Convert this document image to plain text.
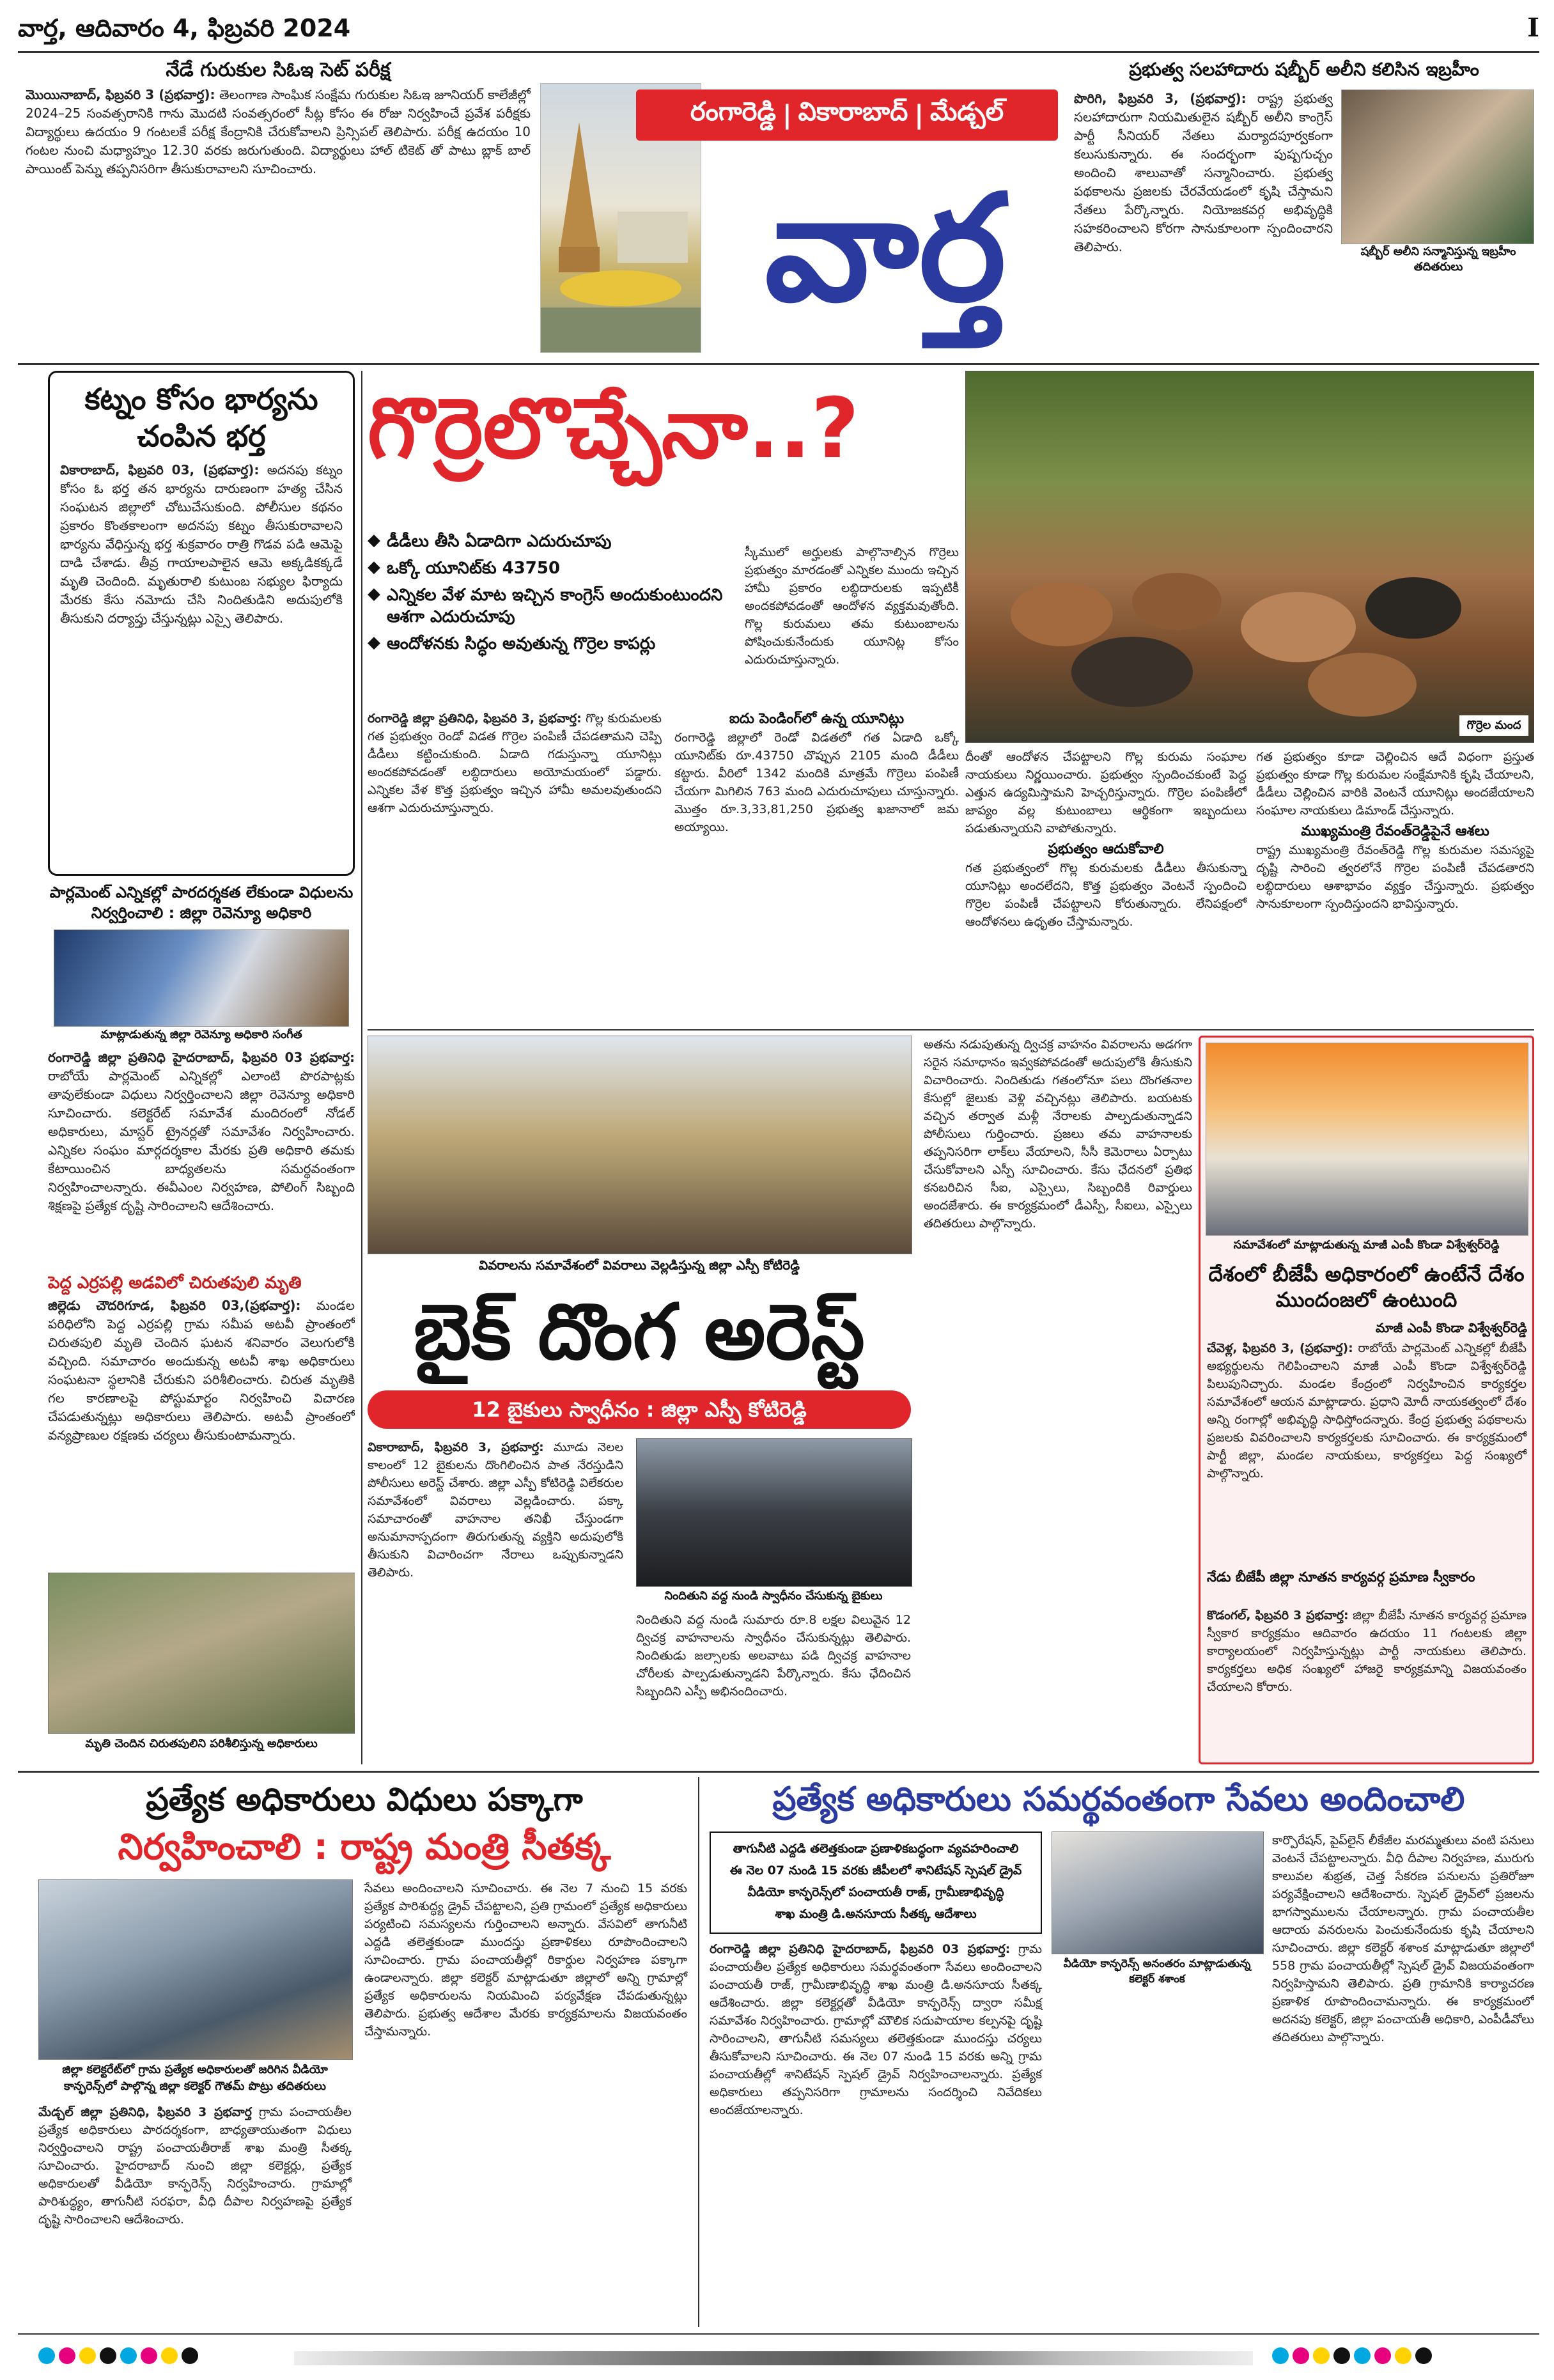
వార్త, ఆదివారం 4, ఫిబ్రవరి 2024	I
నేడే గురుకుల సిఓఇ సెట్ పరీక్ష
మొయినాబాద్, ఫిబ్రవరి 3 (ప్రభవార్త): తెలంగాణ సాంఘిక సంక్షేమ గురుకుల సిఓఇ జూనియర్ కాలేజీల్లో 2024–25 సంవత్సరానికి గాను మొదటి సంవత్సరంలో సీట్ల కోసం ఈ రోజు నిర్వహించే ప్రవేశ పరీక్షకు విద్యార్థులు ఉదయం 9 గంటలకే పరీక్ష కేంద్రానికి చేరుకోవాలని ప్రిన్సిపల్ తెలిపారు. పరీక్ష ఉదయం 10 గంటల నుంచి మధ్యాహ్నం 12.30 వరకు జరుగుతుంది. విద్యార్థులు హాల్ టికెట్ తో పాటు బ్లాక్ బాల్ పాయింట్ పెన్ను తప్పనిసరిగా తీసుకురావాలని సూచించారు.
రంగారెడ్డి | వికారాబాద్ | మేడ్చల్
వార్త
ప్రభుత్వ సలహాదారు షబ్బీర్ అలీని కలిసిన ఇబ్రహీం
షబ్బీర్ అలీని సన్మానిస్తున్న ఇబ్రహీం తదితరులు
పొరిగి, ఫిబ్రవరి 3, (ప్రభవార్త): రాష్ట్ర ప్రభుత్వ సలహాదారుగా నియమితులైన షబ్బీర్ అలీని కాంగ్రెస్ పార్టీ సీనియర్ నేతలు మర్యాదపూర్వకంగా కలుసుకున్నారు. ఈ సందర్భంగా పుష్పగుచ్చం అందించి శాలువాతో సన్మానించారు. ప్రభుత్వ పథకాలను ప్రజలకు చేరవేయడంలో కృషి చేస్తామని నేతలు పేర్కొన్నారు. నియోజకవర్గ అభివృద్ధికి సహకరించాలని కోరగా సానుకూలంగా స్పందించారని తెలిపారు.
కట్నం కోసం భార్యను చంపిన భర్త
వికారాబాద్, ఫిబ్రవరి 03, (ప్రభవార్త): అదనపు కట్నం కోసం ఓ భర్త తన భార్యను దారుణంగా హత్య చేసిన సంఘటన జిల్లాలో చోటుచేసుకుంది. పోలీసుల కథనం ప్రకారం కొంతకాలంగా అదనపు కట్నం తీసుకురావాలని భార్యను వేధిస్తున్న భర్త శుక్రవారం రాత్రి గొడవ పడి ఆమెపై దాడి చేశాడు. తీవ్ర గాయాలపాలైన ఆమె అక్కడికక్కడే మృతి చెందింది. మృతురాలి కుటుంబ సభ్యుల ఫిర్యాదు మేరకు కేసు నమోదు చేసి నిందితుడిని అదుపులోకి తీసుకుని దర్యాప్తు చేస్తున్నట్లు ఎస్సై తెలిపారు.
పార్లమెంట్ ఎన్నికల్లో పారదర్శకత లేకుండా విధులను నిర్వర్తించాలి : జిల్లా రెవెన్యూ అధికారి
మాట్లాడుతున్న జిల్లా రెవెన్యూ అధికారి సంగీత
రంగారెడ్డి జిల్లా ప్రతినిధి హైదరాబాద్, ఫిబ్రవరి 03 ప్రభవార్త: రాబోయే పార్లమెంట్ ఎన్నికల్లో ఎలాంటి పొరపాట్లకు తావులేకుండా విధులు నిర్వర్తించాలని జిల్లా రెవెన్యూ అధికారి సూచించారు. కలెక్టరేట్ సమావేశ మందిరంలో నోడల్ అధికారులు, మాస్టర్ ట్రైనర్లతో సమావేశం నిర్వహించారు. ఎన్నికల సంఘం మార్గదర్శకాల మేరకు ప్రతి అధికారి తమకు కేటాయించిన బాధ్యతలను సమర్థవంతంగా నిర్వహించాలన్నారు. ఈవీఎంల నిర్వహణ, పోలింగ్ సిబ్బంది శిక్షణపై ప్రత్యేక దృష్టి సారించాలని ఆదేశించారు.
పెద్ద ఎర్రపల్లి అడవిలో చిరుతపులి మృతి
జిల్లెడు చౌదరిగూడ, ఫిబ్రవరి 03,(ప్రభవార్త): మండల పరిధిలోని పెద్ద ఎర్రపల్లి గ్రామ సమీప అటవీ ప్రాంతంలో చిరుతపులి మృతి చెందిన ఘటన శనివారం వెలుగులోకి వచ్చింది. సమాచారం అందుకున్న అటవీ శాఖ అధికారులు సంఘటనా స్థలానికి చేరుకుని పరిశీలించారు. చిరుత మృతికి గల కారణాలపై పోస్టుమార్టం నిర్వహించి విచారణ చేపడుతున్నట్లు అధికారులు తెలిపారు. అటవీ ప్రాంతంలో వన్యప్రాణుల రక్షణకు చర్యలు తీసుకుంటామన్నారు.
మృతి చెందిన చిరుతపులిని పరిశీలిస్తున్న అధికారులు
గొర్రెలొచ్చేనా..?
◆ డీడీలు తీసి ఏడాదిగా ఎదురుచూపు
◆ ఒక్కో యూనిట్‌కు 43750
◆ ఎన్నికల వేళ మాట ఇచ్చిన కాంగ్రెస్ అందుకుంటుందని ఆశగా ఎదురుచూపు
◆ ఆందోళనకు సిద్ధం అవుతున్న గొర్రెల కాపర్లు
స్కీములో అర్హులకు పాల్గొనాల్సిన గొర్రెలు ప్రభుత్వం మారడంతో ఎన్నికల ముందు ఇచ్చిన హామీ ప్రకారం లబ్ధిదారులకు ఇప్పటికీ అందకపోవడంతో ఆందోళన వ్యక్తమవుతోంది. గొల్ల కురుమలు తమ కుటుంబాలను పోషించుకునేందుకు యూనిట్ల కోసం ఎదురుచూస్తున్నారు.
గొర్రెల మంద
రంగారెడ్డి జిల్లా ప్రతినిధి, ఫిబ్రవరి 3, ప్రభవార్త: గొల్ల కురుమలకు గత ప్రభుత్వం రెండో విడత గొర్రెల పంపిణీ చేపడతామని చెప్పి డీడీలు కట్టించుకుంది. ఏడాది గడుస్తున్నా యూనిట్లు అందకపోవడంతో లబ్ధిదారులు అయోమయంలో పడ్డారు. ఎన్నికల వేళ కొత్త ప్రభుత్వం ఇచ్చిన హామీ అమలవుతుందని ఆశగా ఎదురుచూస్తున్నారు.
ఐదు పెండింగ్‌లో ఉన్న యూనిట్లు
రంగారెడ్డి జిల్లాలో రెండో విడతలో గత ఏడాది ఒక్కో యూనిట్‌కు రూ.43750 చొప్పున 2105 మంది డీడీలు కట్టారు. వీరిలో 1342 మందికి మాత్రమే గొర్రెలు పంపిణీ చేయగా మిగిలిన 763 మంది ఎదురుచూపులు చూస్తున్నారు. మొత్తం రూ.3,33,81,250 ప్రభుత్వ ఖజానాలో జమ అయ్యాయి.
దీంతో ఆందోళన చేపట్టాలని గొల్ల కురుమ సంఘాల నాయకులు నిర్ణయించారు. ప్రభుత్వం స్పందించకుంటే పెద్ద ఎత్తున ఉద్యమిస్తామని హెచ్చరిస్తున్నారు. గొర్రెల పంపిణీలో జాప్యం వల్ల కుటుంబాలు ఆర్థికంగా ఇబ్బందులు పడుతున్నాయని వాపోతున్నారు.
ప్రభుత్వం ఆదుకోవాలి
గత ప్రభుత్వంలో గొల్ల కురుమలకు డీడీలు తీసుకున్నా యూనిట్లు అందలేదని, కొత్త ప్రభుత్వం వెంటనే స్పందించి గొర్రెల పంపిణీ చేపట్టాలని కోరుతున్నారు. లేనిపక్షంలో ఆందోళనలు ఉధృతం చేస్తామన్నారు.
గత ప్రభుత్వం కూడా చెల్లించిన ఆదే విధంగా ప్రస్తుత ప్రభుత్వం కూడా గొల్ల కురుమల సంక్షేమానికి కృషి చేయాలని, డీడీలు చెల్లించిన వారికి వెంటనే యూనిట్లు అందజేయాలని సంఘాల నాయకులు డిమాండ్ చేస్తున్నారు.
ముఖ్యమంత్రి రేవంత్‌రెడ్డిపైనే ఆశలు
రాష్ట్ర ముఖ్యమంత్రి రేవంత్‌రెడ్డి గొల్ల కురుమల సమస్యపై దృష్టి సారించి త్వరలోనే గొర్రెల పంపిణీ చేపడతారని లబ్ధిదారులు ఆశాభావం వ్యక్తం చేస్తున్నారు. ప్రభుత్వం సానుకూలంగా స్పందిస్తుందని భావిస్తున్నారు.
వివరాలను సమావేశంలో వివరాలు వెల్లడిస్తున్న జిల్లా ఎస్పీ కోటిరెడ్డి
బైక్ దొంగ అరెస్ట్
12 బైకులు స్వాధీనం : జిల్లా ఎస్పీ కోటిరెడ్డి
వికారాబాద్, ఫిబ్రవరి 3, ప్రభవార్త: మూడు నెలల కాలంలో 12 బైకులను దొంగిలించిన పాత నేరస్తుడిని పోలీసులు అరెస్ట్ చేశారు. జిల్లా ఎస్పీ కోటిరెడ్డి విలేకరుల సమావేశంలో వివరాలు వెల్లడించారు. పక్కా సమాచారంతో వాహనాల తనిఖీ చేస్తుండగా అనుమానాస్పదంగా తిరుగుతున్న వ్యక్తిని అదుపులోకి తీసుకుని విచారించగా నేరాలు ఒప్పుకున్నాడని తెలిపారు.
నిందితుని వద్ద నుండి స్వాధీనం చేసుకున్న బైకులు
నిందితుని వద్ద నుండి సుమారు రూ.8 లక్షల విలువైన 12 ద్విచక్ర వాహనాలను స్వాధీనం చేసుకున్నట్లు తెలిపారు. నిందితుడు జల్సాలకు అలవాటు పడి ద్విచక్ర వాహనాల చోరీలకు పాల్పడుతున్నాడని పేర్కొన్నారు. కేసు ఛేదించిన సిబ్బందిని ఎస్పీ అభినందించారు.
అతను నడుపుతున్న ద్విచక్ర వాహనం వివరాలను అడగగా సరైన సమాధానం ఇవ్వకపోవడంతో అదుపులోకి తీసుకుని విచారించారు. నిందితుడు గతంలోనూ పలు దొంగతనాల కేసుల్లో జైలుకు వెళ్లి వచ్చినట్లు తెలిపారు. బయటకు వచ్చిన తర్వాత మళ్లీ నేరాలకు పాల్పడుతున్నాడని పోలీసులు గుర్తించారు. ప్రజలు తమ వాహనాలకు తప్పనిసరిగా లాక్‌లు వేయాలని, సీసీ కెమెరాలు ఏర్పాటు చేసుకోవాలని ఎస్పీ సూచించారు. కేసు ఛేదనలో ప్రతిభ కనబరిచిన సీఐ, ఎస్సైలు, సిబ్బందికి రివార్డులు అందజేశారు. ఈ కార్యక్రమంలో డీఎస్పీ, సీఐలు, ఎస్సైలు తదితరులు పాల్గొన్నారు.
సమావేశంలో మాట్లాడుతున్న మాజీ ఎంపీ కొండా విశ్వేశ్వర్‌రెడ్డి
దేశంలో బీజేపీ అధికారంలో ఉంటేనే దేశం ముందంజలో ఉంటుంది
మాజీ ఎంపీ కొండా విశ్వేశ్వర్‌రెడ్డి
చేవెళ్ల, ఫిబ్రవరి 3, (ప్రభవార్త): రాబోయే పార్లమెంట్ ఎన్నికల్లో బీజేపీ అభ్యర్థులను గెలిపించాలని మాజీ ఎంపీ కొండా విశ్వేశ్వర్‌రెడ్డి పిలుపునిచ్చారు. మండల కేంద్రంలో నిర్వహించిన కార్యకర్తల సమావేశంలో ఆయన మాట్లాడారు. ప్రధాని మోదీ నాయకత్వంలో దేశం అన్ని రంగాల్లో అభివృద్ధి సాధిస్తోందన్నారు. కేంద్ర ప్రభుత్వ పథకాలను ప్రజలకు వివరించాలని కార్యకర్తలకు సూచించారు. ఈ కార్యక్రమంలో పార్టీ జిల్లా, మండల నాయకులు, కార్యకర్తలు పెద్ద సంఖ్యలో పాల్గొన్నారు.
నేడు బీజేపీ జిల్లా నూతన కార్యవర్గ ప్రమాణ స్వీకారం
కొడంగల్, ఫిబ్రవరి 3 ప్రభవార్త: జిల్లా బీజేపీ నూతన కార్యవర్గ ప్రమాణ స్వీకార కార్యక్రమం ఆదివారం ఉదయం 11 గంటలకు జిల్లా కార్యాలయంలో నిర్వహిస్తున్నట్లు పార్టీ నాయకులు తెలిపారు. కార్యకర్తలు అధిక సంఖ్యలో హాజరై కార్యక్రమాన్ని విజయవంతం చేయాలని కోరారు.
ప్రత్యేక అధికారులు విధులు పక్కాగా
నిర్వహించాలి : రాష్ట్ర మంత్రి సీతక్క
జిల్లా కలెక్టరేట్‌లో గ్రామ ప్రత్యేక అధికారులతో జరిగిన వీడియో కాన్ఫరెన్స్‌లో పాల్గొన్న జిల్లా కలెక్టర్ గౌతమ్ పొట్రు తదితరులు
మేడ్చల్ జిల్లా ప్రతినిధి, ఫిబ్రవరి 3 ప్రభవార్త గ్రామ పంచాయతీల ప్రత్యేక అధికారులు పారదర్శకంగా, బాధ్యతాయుతంగా విధులు నిర్వర్తించాలని రాష్ట్ర పంచాయతీరాజ్ శాఖ మంత్రి సీతక్క సూచించారు. హైదరాబాద్ నుంచి జిల్లా కలెక్టర్లు, ప్రత్యేక అధికారులతో వీడియో కాన్ఫరెన్స్ నిర్వహించారు. గ్రామాల్లో పారిశుద్ధ్యం, తాగునీటి సరఫరా, వీధి దీపాల నిర్వహణపై ప్రత్యేక దృష్టి సారించాలని ఆదేశించారు.
సేవలు అందించాలని సూచించారు. ఈ నెల 7 నుంచి 15 వరకు ప్రత్యేక పారిశుద్ధ్య డ్రైవ్ చేపట్టాలని, ప్రతి గ్రామంలో ప్రత్యేక అధికారులు పర్యటించి సమస్యలను గుర్తించాలని అన్నారు. వేసవిలో తాగునీటి ఎద్దడి తలెత్తకుండా ముందస్తు ప్రణాళికలు రూపొందించాలని సూచించారు. గ్రామ పంచాయతీల్లో రికార్డుల నిర్వహణ పక్కాగా ఉండాలన్నారు. జిల్లా కలెక్టర్ మాట్లాడుతూ జిల్లాలో అన్ని గ్రామాల్లో ప్రత్యేక అధికారులను నియమించి పర్యవేక్షణ చేపడుతున్నట్లు తెలిపారు. ప్రభుత్వ ఆదేశాల మేరకు కార్యక్రమాలను విజయవంతం చేస్తామన్నారు.
ప్రత్యేక అధికారులు సమర్థవంతంగా సేవలు అందించాలి
తాగునీటి ఎద్దడి తలెత్తకుండా ప్రణాళికబద్ధంగా వ్యవహరించాలి
ఈ నెల 07 నుండి 15 వరకు జీపీలలో శానిటేషన్ స్పెషల్ డ్రైవ్
వీడియో కాన్ఫరెన్స్‌లో పంచాయతీ రాజ్, గ్రామీణాభివృద్ధి
శాఖ మంత్రి డి.అనసూయ సీతక్క ఆదేశాలు
వీడియో కాన్ఫరెన్స్ అనంతరం మాట్లాడుతున్న కలెక్టర్ శశాంక
రంగారెడ్డి జిల్లా ప్రతినిధి హైదరాబాద్, ఫిబ్రవరి 03 ప్రభవార్త: గ్రామ పంచాయతీల ప్రత్యేక అధికారులు సమర్థవంతంగా సేవలు అందించాలని పంచాయతీ రాజ్, గ్రామీణాభివృద్ధి శాఖ మంత్రి డి.అనసూయ సీతక్క ఆదేశించారు. జిల్లా కలెక్టర్లతో వీడియో కాన్ఫరెన్స్ ద్వారా సమీక్ష సమావేశం నిర్వహించారు. గ్రామాల్లో మౌలిక సదుపాయాల కల్పనపై దృష్టి సారించాలని, తాగునీటి సమస్యలు తలెత్తకుండా ముందస్తు చర్యలు తీసుకోవాలని సూచించారు. ఈ నెల 07 నుండి 15 వరకు అన్ని గ్రామ పంచాయతీల్లో శానిటేషన్ స్పెషల్ డ్రైవ్ నిర్వహించాలన్నారు. ప్రత్యేక అధికారులు తప్పనిసరిగా గ్రామాలను సందర్శించి నివేదికలు అందజేయాలన్నారు.
కార్పొరేషన్, పైప్‌లైన్ లీకేజీల మరమ్మతులు వంటి పనులు వెంటనే చేపట్టాలన్నారు. వీధి దీపాల నిర్వహణ, మురుగు కాలువల శుభ్రత, చెత్త సేకరణ పనులను ప్రతిరోజూ పర్యవేక్షించాలని ఆదేశించారు. స్పెషల్ డ్రైవ్‌లో ప్రజలను భాగస్వాములను చేయాలన్నారు. గ్రామ పంచాయతీల ఆదాయ వనరులను పెంచుకునేందుకు కృషి చేయాలని సూచించారు. జిల్లా కలెక్టర్ శశాంక మాట్లాడుతూ జిల్లాలో 558 గ్రామ పంచాయతీల్లో స్పెషల్ డ్రైవ్ విజయవంతంగా నిర్వహిస్తామని తెలిపారు. ప్రతి గ్రామానికి కార్యాచరణ ప్రణాళిక రూపొందించామన్నారు. ఈ కార్యక్రమంలో అదనపు కలెక్టర్, జిల్లా పంచాయతీ అధికారి, ఎంపీడీవోలు తదితరులు పాల్గొన్నారు.
